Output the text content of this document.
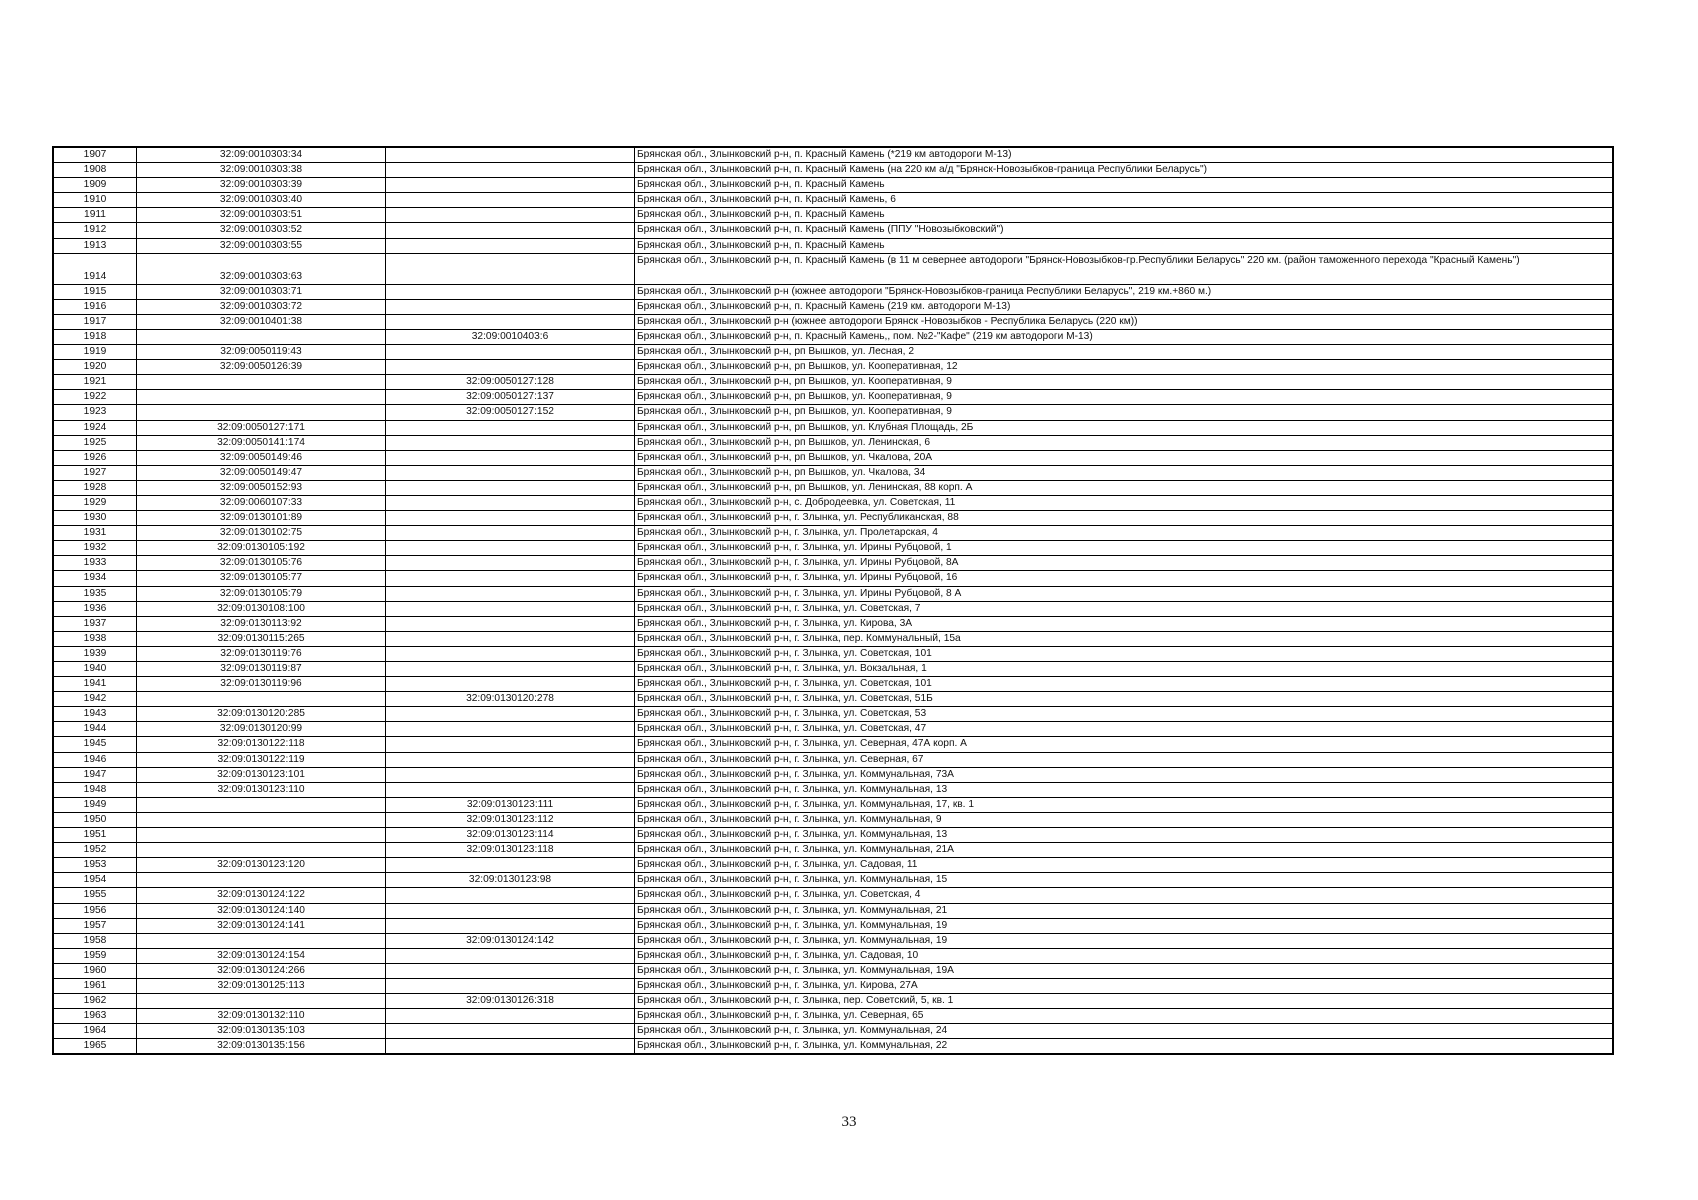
1907	32:09:0010303:34		Брянская обл., Злынковский р-н, п. Красный Камень (*219 км автодороги М-13)
1908	32:09:0010303:38		Брянская обл., Злынковский р-н, п. Красный Камень (на 220 км а/д "Брянск-Новозыбков-граница Республики Беларусь")
1909	32:09:0010303:39		Брянская обл., Злынковский р-н, п. Красный Камень
1910	32:09:0010303:40		Брянская обл., Злынковский р-н, п. Красный Камень, 6
1911	32:09:0010303:51		Брянская обл., Злынковский р-н, п. Красный Камень
1912	32:09:0010303:52		Брянская обл., Злынковский р-н, п. Красный Камень (ППУ "Новозыбковский")
1913	32:09:0010303:55		Брянская обл., Злынковский р-н, п. Красный Камень
1914	32:09:0010303:63		Брянская обл., Злынковский р-н, п. Красный Камень (в 11 м севернее автодороги "Брянск-Новозыбков-гр.Республики Беларусь" 220 км. (район таможенного перехода "Красный Камень")
1915	32:09:0010303:71		Брянская обл., Злынковский р-н (южнее автодороги "Брянск-Новозыбков-граница Республики Беларусь", 219 км.+860 м.)
1916	32:09:0010303:72		Брянская обл., Злынковский р-н, п. Красный Камень (219 км. автодороги М-13)
1917	32:09:0010401:38		Брянская обл., Злынковский р-н (южнее автодороги Брянск -Новозыбков - Республика Беларусь (220 км))
1918		32:09:0010403:6	Брянская обл., Злынковский р-н, п. Красный Камень,, пом. №2-"Кафе" (219 км автодороги М-13)
1919	32:09:0050119:43		Брянская обл., Злынковский р-н, рп Вышков, ул. Лесная, 2
1920	32:09:0050126:39		Брянская обл., Злынковский р-н, рп Вышков, ул. Кооперативная, 12
1921		32:09:0050127:128	Брянская обл., Злынковский р-н, рп Вышков, ул. Кооперативная, 9
1922		32:09:0050127:137	Брянская обл., Злынковский р-н, рп Вышков, ул. Кооперативная, 9
1923		32:09:0050127:152	Брянская обл., Злынковский р-н, рп Вышков, ул. Кооперативная, 9
1924	32:09:0050127:171		Брянская обл., Злынковский р-н, рп Вышков, ул. Клубная Площадь, 2Б
1925	32:09:0050141:174		Брянская обл., Злынковский р-н, рп Вышков, ул. Ленинская, 6
1926	32:09:0050149:46		Брянская обл., Злынковский р-н, рп Вышков, ул. Чкалова, 20А
1927	32:09:0050149:47		Брянская обл., Злынковский р-н, рп Вышков, ул. Чкалова, 34
1928	32:09:0050152:93		Брянская обл., Злынковский р-н, рп Вышков, ул. Ленинская, 88 корп. А
1929	32:09:0060107:33		Брянская обл., Злынковский р-н, с. Добродеевка, ул. Советская, 11
1930	32:09:0130101:89		Брянская обл., Злынковский р-н, г. Злынка, ул. Республиканская, 88
1931	32:09:0130102:75		Брянская обл., Злынковский р-н, г. Злынка, ул. Пролетарская, 4
1932	32:09:0130105:192		Брянская обл., Злынковский р-н, г. Злынка, ул. Ирины Рубцовой, 1
1933	32:09:0130105:76		Брянская обл., Злынковский р-н, г. Злынка, ул. Ирины Рубцовой, 8А
1934	32:09:0130105:77		Брянская обл., Злынковский р-н, г. Злынка, ул. Ирины Рубцовой, 16
1935	32:09:0130105:79		Брянская обл., Злынковский р-н, г. Злынка, ул. Ирины Рубцовой, 8 А
1936	32:09:0130108:100		Брянская обл., Злынковский р-н, г. Злынка, ул. Советская, 7
1937	32:09:0130113:92		Брянская обл., Злынковский р-н, г. Злынка, ул. Кирова, 3А
1938	32:09:0130115:265		Брянская обл., Злынковский р-н, г. Злынка, пер. Коммунальный, 15а
1939	32:09:0130119:76		Брянская обл., Злынковский р-н, г. Злынка, ул. Советская, 101
1940	32:09:0130119:87		Брянская обл., Злынковский р-н, г. Злынка, ул. Вокзальная, 1
1941	32:09:0130119:96		Брянская обл., Злынковский р-н, г. Злынка, ул. Советская, 101
1942		32:09:0130120:278	Брянская обл., Злынковский р-н, г. Злынка, ул. Советская, 51Б
1943	32:09:0130120:285		Брянская обл., Злынковский р-н, г. Злынка, ул. Советская, 53
1944	32:09:0130120:99		Брянская обл., Злынковский р-н, г. Злынка, ул. Советская, 47
1945	32:09:0130122:118		Брянская обл., Злынковский р-н, г. Злынка, ул. Северная, 47А корп. А
1946	32:09:0130122:119		Брянская обл., Злынковский р-н, г. Злынка, ул. Северная, 67
1947	32:09:0130123:101		Брянская обл., Злынковский р-н, г. Злынка, ул. Коммунальная, 73А
1948	32:09:0130123:110		Брянская обл., Злынковский р-н, г. Злынка, ул. Коммунальная, 13
1949		32:09:0130123:111	Брянская обл., Злынковский р-н, г. Злынка, ул. Коммунальная, 17, кв. 1
1950		32:09:0130123:112	Брянская обл., Злынковский р-н, г. Злынка, ул. Коммунальная, 9
1951		32:09:0130123:114	Брянская обл., Злынковский р-н, г. Злынка, ул. Коммунальная, 13
1952		32:09:0130123:118	Брянская обл., Злынковский р-н, г. Злынка, ул. Коммунальная, 21А
1953	32:09:0130123:120		Брянская обл., Злынковский р-н, г. Злынка, ул. Садовая, 11
1954		32:09:0130123:98	Брянская обл., Злынковский р-н, г. Злынка, ул. Коммунальная, 15
1955	32:09:0130124:122		Брянская обл., Злынковский р-н, г. Злынка, ул. Советская, 4
1956	32:09:0130124:140		Брянская обл., Злынковский р-н, г. Злынка, ул. Коммунальная, 21
1957	32:09:0130124:141		Брянская обл., Злынковский р-н, г. Злынка, ул. Коммунальная, 19
1958		32:09:0130124:142	Брянская обл., Злынковский р-н, г. Злынка, ул. Коммунальная, 19
1959	32:09:0130124:154		Брянская обл., Злынковский р-н, г. Злынка, ул. Садовая, 10
1960	32:09:0130124:266		Брянская обл., Злынковский р-н, г. Злынка, ул. Коммунальная, 19А
1961	32:09:0130125:113		Брянская обл., Злынковский р-н, г. Злынка, ул. Кирова, 27А
1962		32:09:0130126:318	Брянская обл., Злынковский р-н, г. Злынка, пер. Советский, 5, кв. 1
1963	32:09:0130132:110		Брянская обл., Злынковский р-н, г. Злынка, ул. Северная, 65
1964	32:09:0130135:103		Брянская обл., Злынковский р-н, г. Злынка, ул. Коммунальная, 24
1965	32:09:0130135:156		Брянская обл., Злынковский р-н, г. Злынка, ул. Коммунальная, 22
33
